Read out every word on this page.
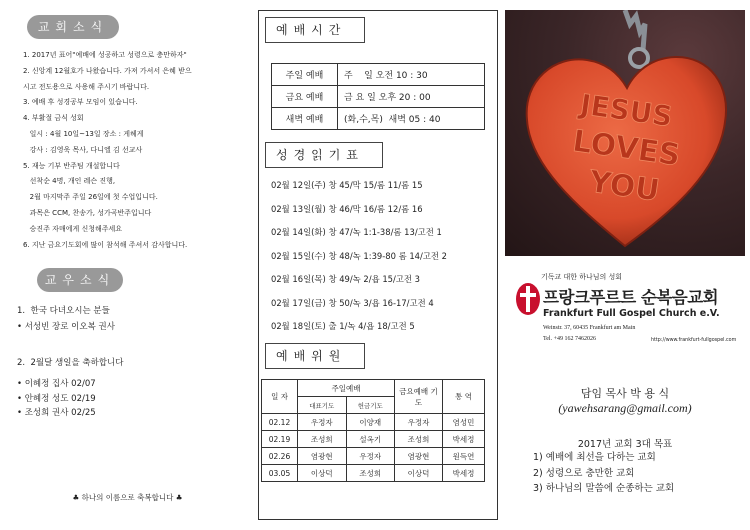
교회소식
1. 2017년 표어"예배에 성공하고 성령으로 충만하자"
2. 신앙계 12월호가 나왔습니다. 가져 가셔서 은혜 받으
시고 전도용으로 사용해 주시기 바랍니다.
3. 예배 후 성경공부 모임이 있습니다.
4. 부활절 금식 성회
일시 : 4월 10일~13일 장소 : 게헤게
강사 : 김영욱 목사, 다니엘 김 선교사
5. 재능 기부 반주팀 개설합니다
선착순 4명, 개인 레슨 진행,
2월 마지막주 주일 26일에 첫 수업입니다.
과목은 CCM, 찬송가, 성가곡반주입니다
승진주 자매에게 신청해주세요
6. 지난 금요기도회에 많이 참석해 주셔서 감사합니다.
교우소식
1.  한국 다녀오시는 분들
• 서성빈 장로 이오복 권사
2.  2월달 생일을 축하합니다
• 이혜정 집사 02/07
• 안혜정 성도 02/19
• 조성희 권사 02/25
♣ 하나의 이름으로 축복합니다 ♣
예배시간
주일 예배	주    일 오전 10 : 30
금요 예배	금 요 일 오후 20 : 00
새벽 예배	(화,수,목)  새벽 05 : 40
성경읽기표
02월 12일(주) 창 45/막 15/롬 11/롬 15
02월 13일(월) 창 46/막 16/롬 12/롬 16
02월 14일(화) 창 47/녹 1:1-38/롬 13/고전 1
02월 15일(수) 창 48/녹 1:39-80 롬 14/고전 2
02월 16일(목) 창 49/녹 2/욥 15/고전 3
02월 17일(금) 창 50/녹 3/욥 16-17/고전 4
02월 18일(토) 출 1/녹 4/욥 18/고전 5
예배위원
일 자	주일예배		금요예배 기도	통 역
	대표기도	헌금기도		
02.12	우정자	이양재	우정자	염성민
02.19	조성희	설옥기	조성희	박세정
02.26	염광현	우정자	염광현	원득연
03.05	이상덕	조성희	이상덕	박세정
JESUS
LOVES
YOU
기독교 대한 하나님의 성회
프랑크푸르트 순복음교회
Frankfurt Full Gospel Church e.V.
Weinstr. 37, 60435 Frankfurt am Main
Tel. +49 162 7462026	http://www.frankfurt-fullgospel.com
담임 목사 박 용 식
(yawehsarang@gmail.com)
2017년 교회 3대 목표
1) 예배에 최선을 다하는 교회
2) 성령으로 충만한 교회
3) 하나님의 말씀에 순종하는 교회
